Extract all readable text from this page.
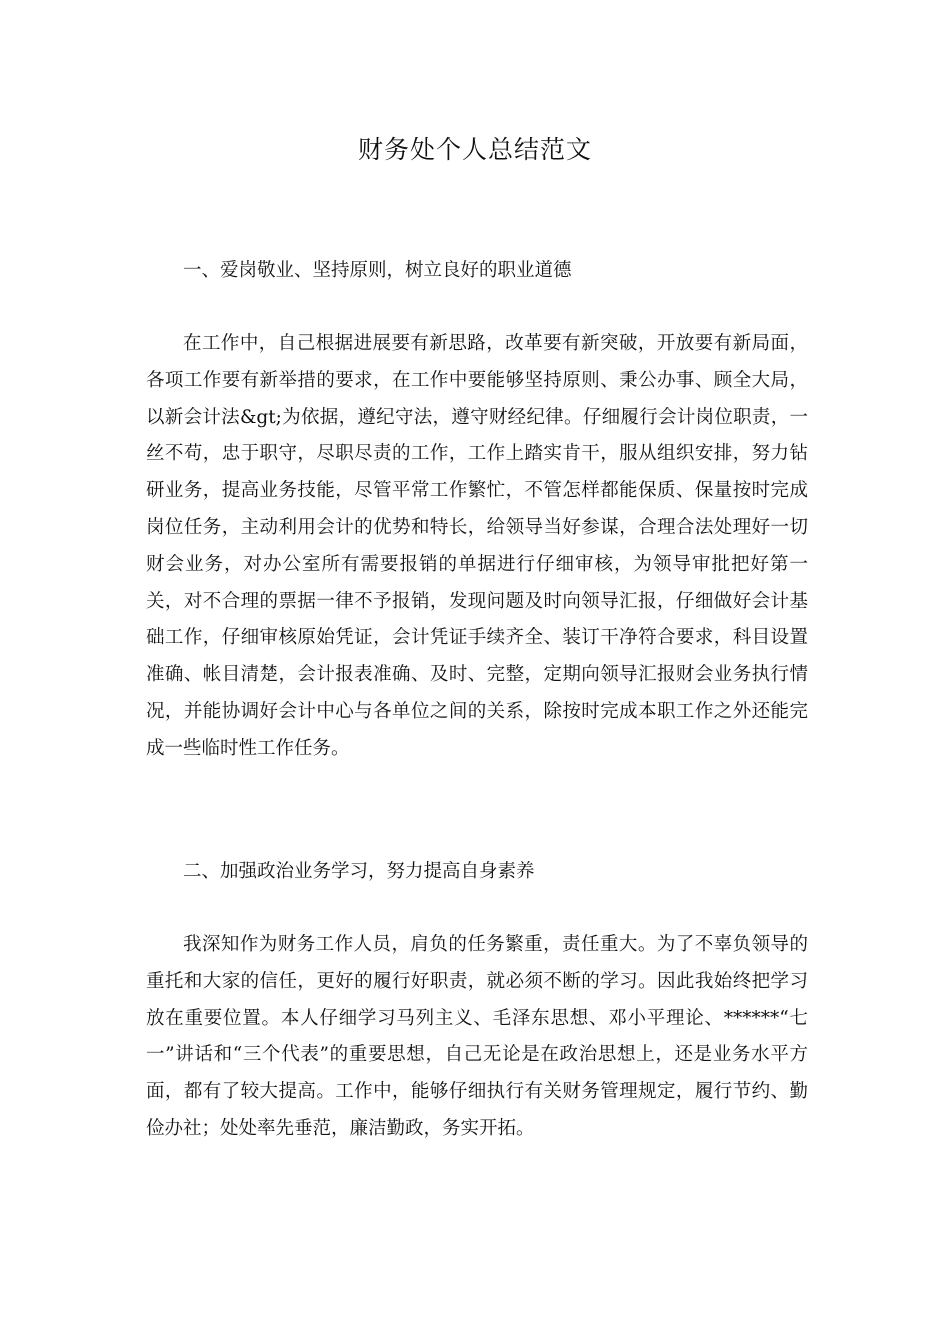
财务处个人总结范文
一、爱岗敬业、坚持原则，树立良好的职业道德

在工作中，自己根据进展要有新思路，改革要有新突破，开放要有新局面，各项工作要有新举措的要求，在工作中要能够坚持原则、秉公办事、顾全大局，以新会计法&gt;为依据，遵纪守法，遵守财经纪律。仔细履行会计岗位职责，一丝不苟，忠于职守，尽职尽责的工作，工作上踏实肯干，服从组织安排，努力钻研业务，提高业务技能，尽管平常工作繁忙，不管怎样都能保质、保量按时完成岗位任务，主动利用会计的优势和特长，给领导当好参谋，合理合法处理好一切财会业务，对办公室所有需要报销的单据进行仔细审核，为领导审批把好第一关，对不合理的票据一律不予报销，发现问题及时向领导汇报，仔细做好会计基础工作，仔细审核原始凭证，会计凭证手续齐全、装订干净符合要求，科目设置准确、帐目清楚，会计报表准确、及时、完整，定期向领导汇报财会业务执行情况，并能协调好会计中心与各单位之间的关系，除按时完成本职工作之外还能完成一些临时性工作任务。

二、加强政治业务学习，努力提高自身素养

我深知作为财务工作人员，肩负的任务繁重，责任重大。为了不辜负领导的重托和大家的信任，更好的履行好职责，就必须不断的学习。因此我始终把学习放在重要位置。本人仔细学习马列主义、毛泽东思想、邓小平理论、******“七一”讲话和“三个代表”的重要思想，自己无论是在政治思想上，还是业务水平方面，都有了较大提高。工作中，能够仔细执行有关财务管理规定，履行节约、勤俭办社；处处率先垂范，廉洁勤政，务实开拓。
